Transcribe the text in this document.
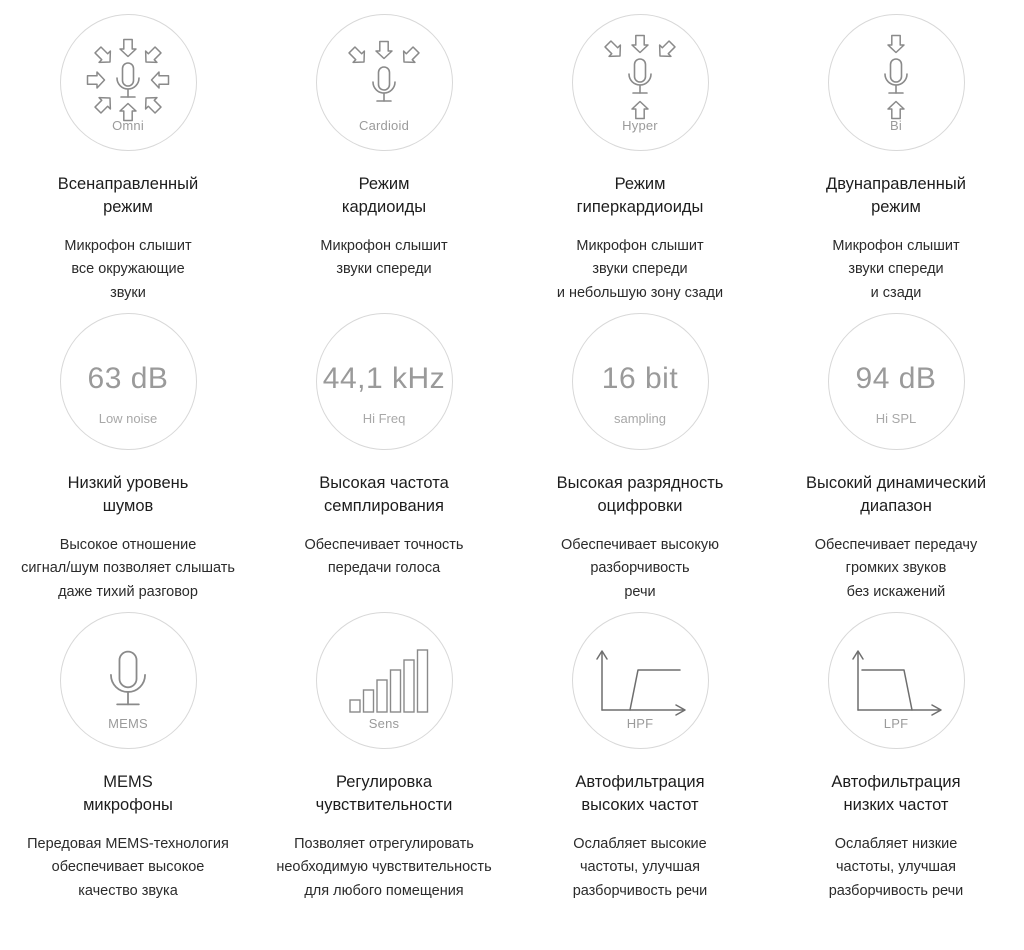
Omni
Всенаправленный
режим
Микрофон слышит
все окружающие
звуки
Cardioid
Режим
кардиоиды
Микрофон слышит
звуки спереди
Hyper
Режим
гиперкардиоиды
Микрофон слышит
звуки спереди
и небольшую зону сзади
Bi
Двунаправленный
режим
Микрофон слышит
звуки спереди
и сзади
63 dB
Low noise
Низкий уровень
шумов
Высокое отношение
сигнал/шум позволяет слышать
даже тихий разговор
44,1 kHz
Hi Freq
Высокая частота
семплирования
Обеспечивает точность
передачи голоса
16 bit
sampling
Высокая разрядность
оцифровки
Обеспечивает высокую
разборчивость
речи
94 dB
Hi SPL
Высокий динамический
диапазон
Обеспечивает передачу
громких звуков
без искажений
MEMS
MEMS
микрофоны
Передовая MEMS-технология
обеспечивает высокое
качество звука
Sens
Регулировка
чувствительности
Позволяет отрегулировать
необходимую чувствительность
для любого помещения
HPF
Автофильтрация
высоких частот
Ослабляет высокие
частоты, улучшая
разборчивость речи
LPF
Автофильтрация
низких частот
Ослабляет низкие
частоты, улучшая
разборчивость речи
